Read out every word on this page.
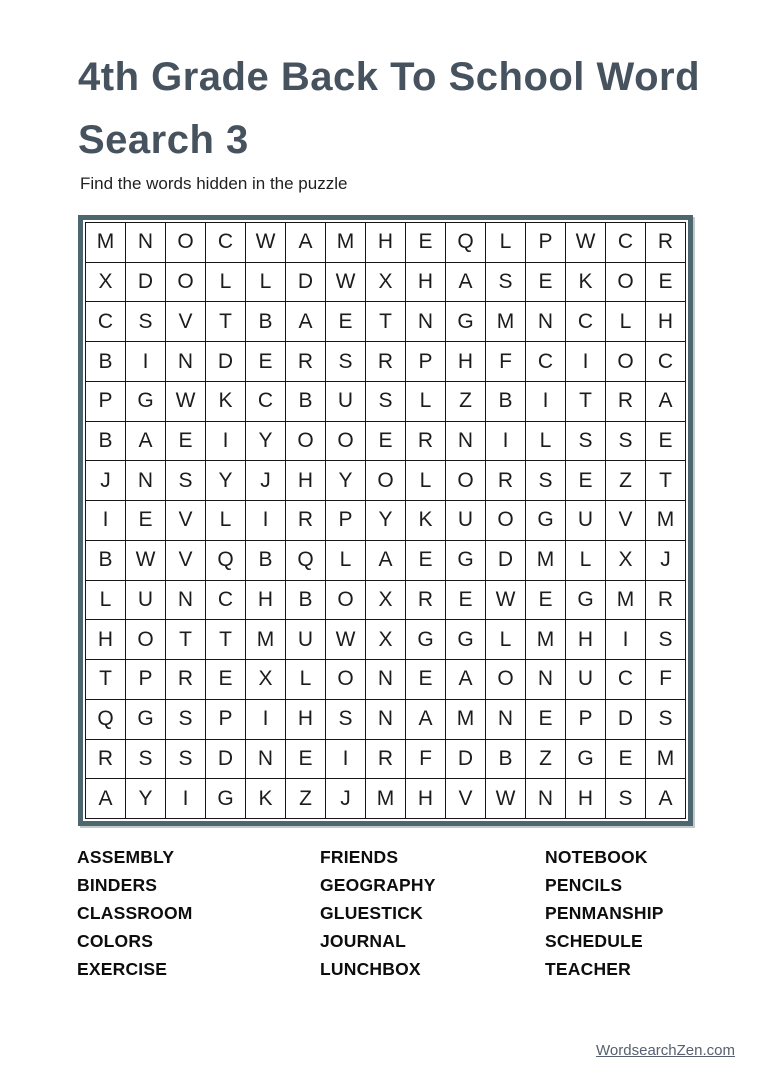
4th Grade Back To School Word Search 3
Find the words hidden in the puzzle
M	N	O	C	W	A	M	H	E	Q	L	P	W	C	R
X	D	O	L	L	D	W	X	H	A	S	E	K	O	E
C	S	V	T	B	A	E	T	N	G	M	N	C	L	H
B	I	N	D	E	R	S	R	P	H	F	C	I	O	C
P	G	W	K	C	B	U	S	L	Z	B	I	T	R	A
B	A	E	I	Y	O	O	E	R	N	I	L	S	S	E
J	N	S	Y	J	H	Y	O	L	O	R	S	E	Z	T
I	E	V	L	I	R	P	Y	K	U	O	G	U	V	M
B	W	V	Q	B	Q	L	A	E	G	D	M	L	X	J
L	U	N	C	H	B	O	X	R	E	W	E	G	M	R
H	O	T	T	M	U	W	X	G	G	L	M	H	I	S
T	P	R	E	X	L	O	N	E	A	O	N	U	C	F
Q	G	S	P	I	H	S	N	A	M	N	E	P	D	S
R	S	S	D	N	E	I	R	F	D	B	Z	G	E	M
A	Y	I	G	K	Z	J	M	H	V	W	N	H	S	A
ASSEMBLY
BINDERS
CLASSROOM
COLORS
EXERCISE
FRIENDS
GEOGRAPHY
GLUESTICK
JOURNAL
LUNCHBOX
NOTEBOOK
PENCILS
PENMANSHIP
SCHEDULE
TEACHER
WordsearchZen.com
